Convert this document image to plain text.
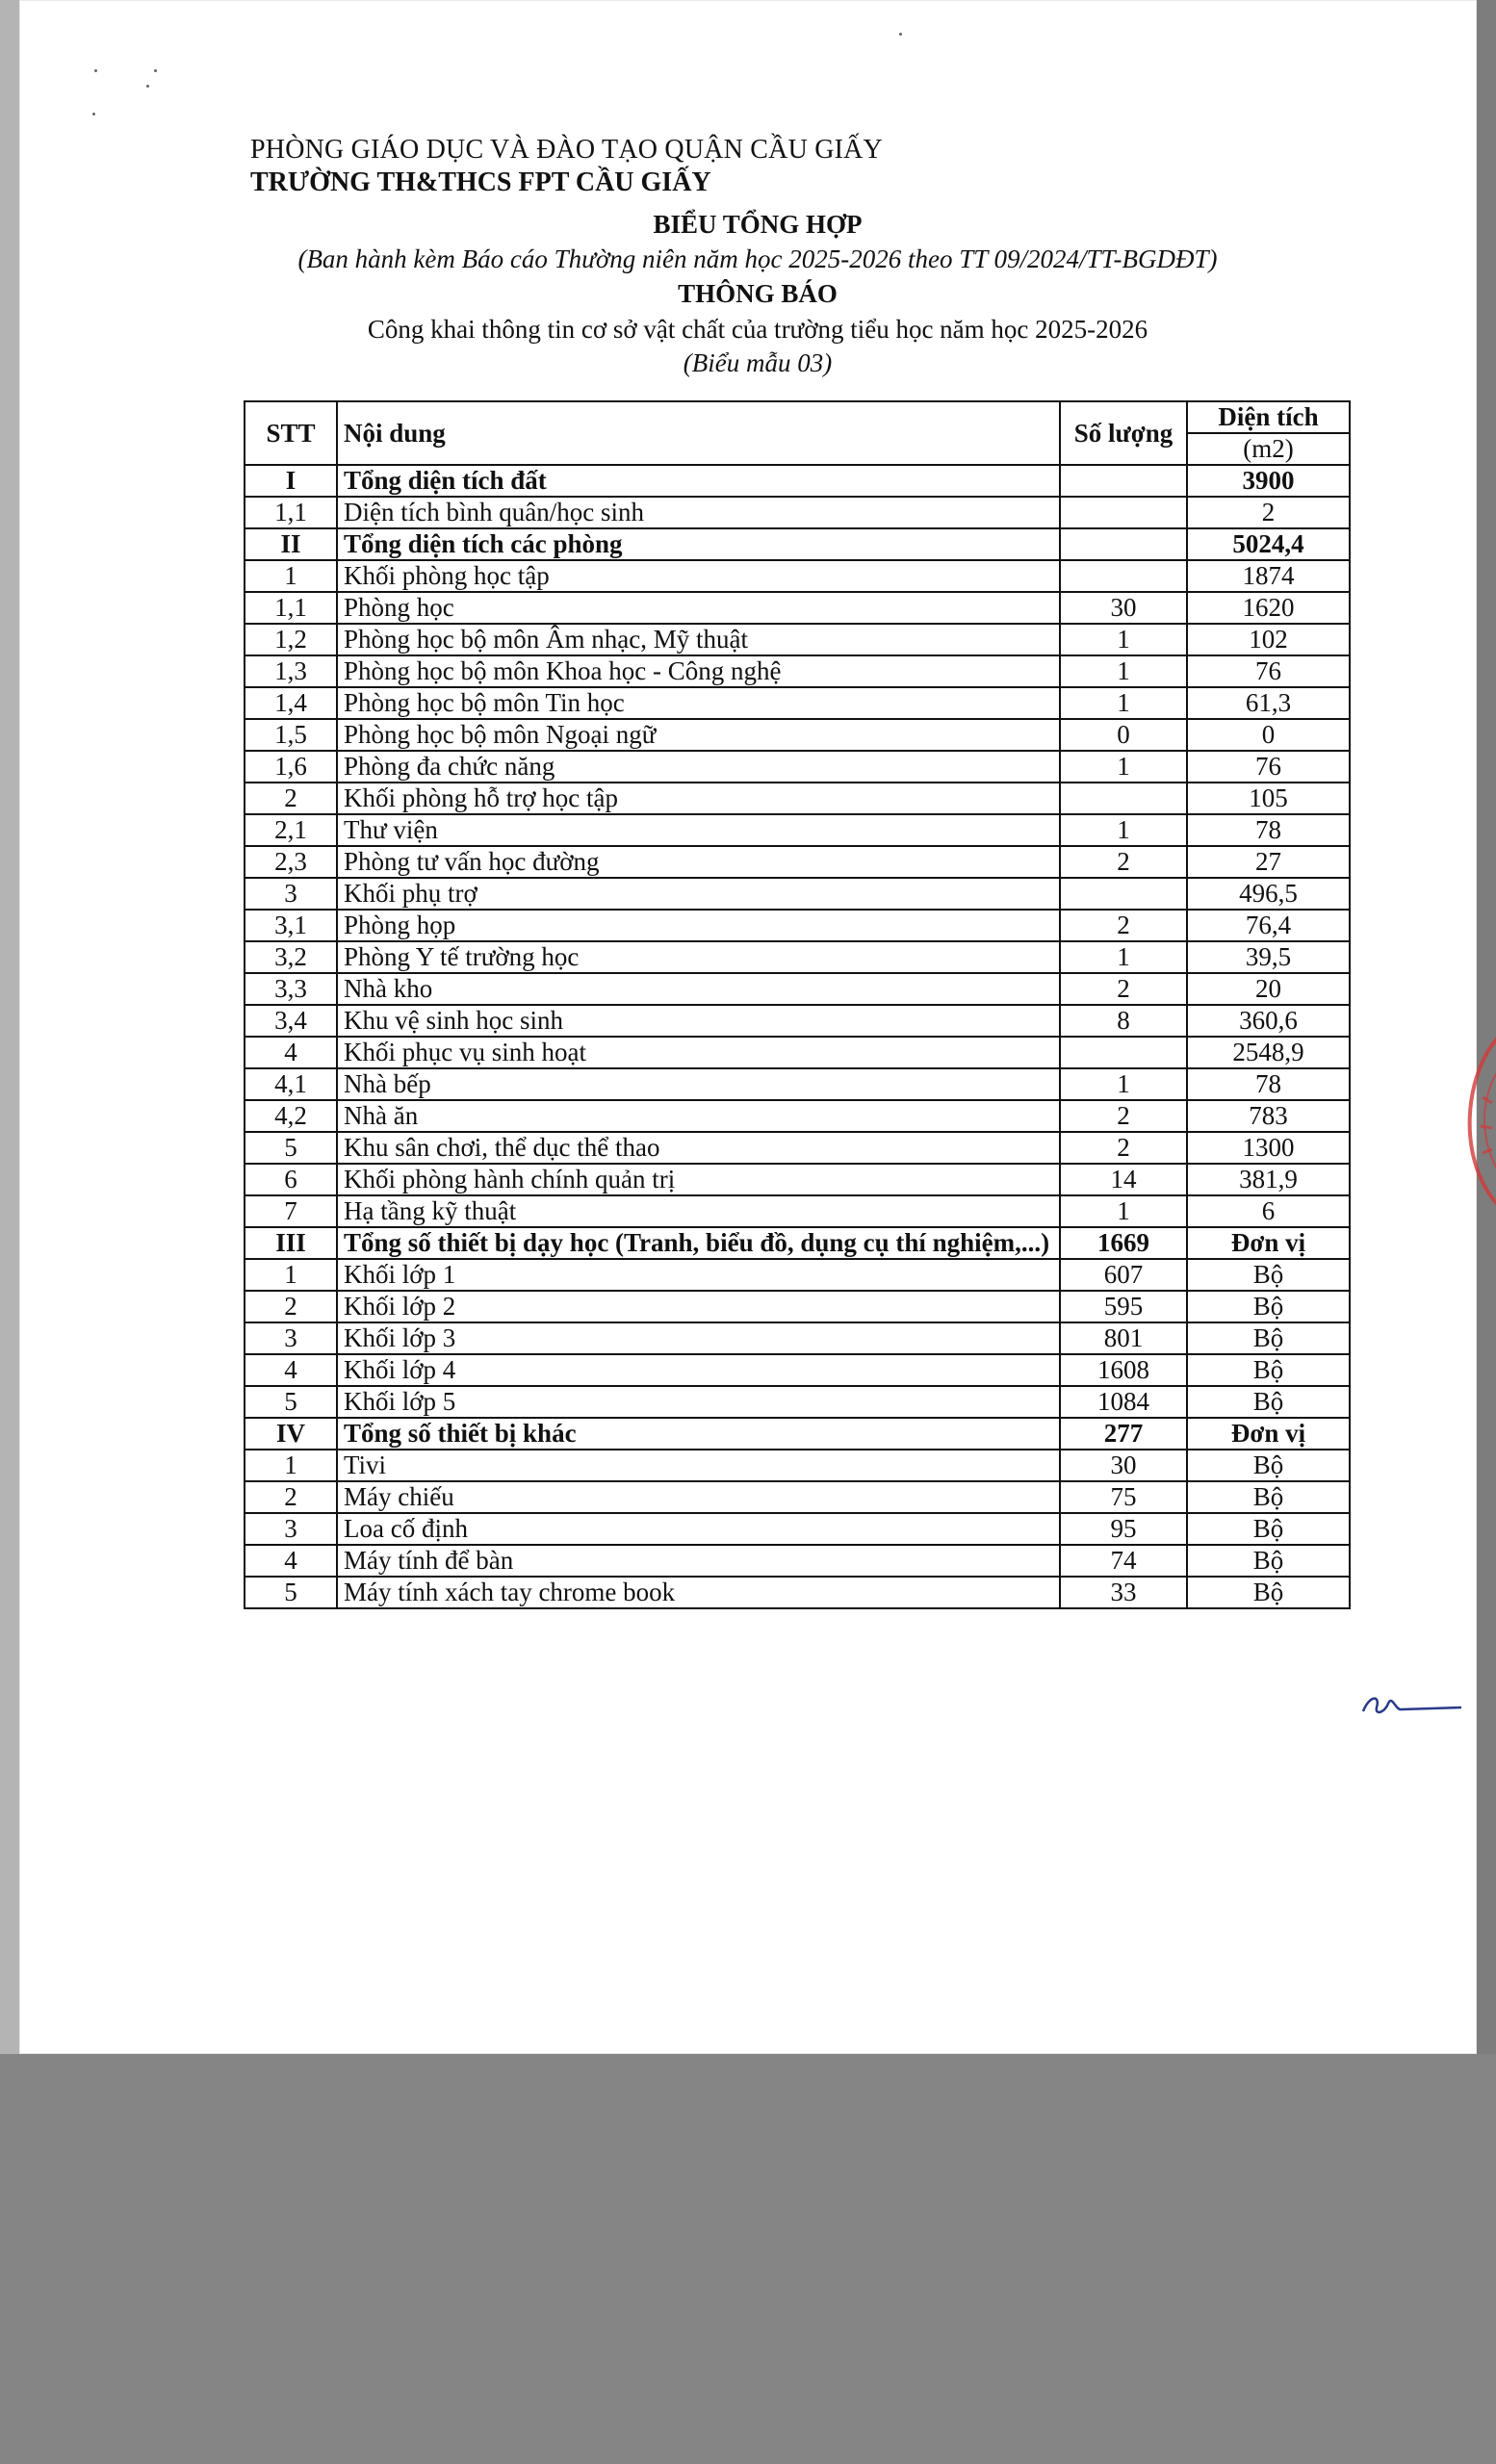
PHÒNG GIÁO DỤC VÀ ĐÀO TẠO QUẬN CẦU GIẤY
TRƯỜNG TH&THCS FPT CẦU GIẤY
BIỂU TỔNG HỢP
(Ban hành kèm Báo cáo Thường niên năm học 2025-2026 theo TT 09/2024/TT-BGDĐT)
THÔNG BÁO
Công khai thông tin cơ sở vật chất của trường tiểu học năm học 2025-2026
(Biểu mẫu 03)
STT	Nội dung	Số lượng	Diện tích
			(m2)
I	Tổng diện tích đất		3900
1,1	Diện tích bình quân/học sinh		2
II	Tổng diện tích các phòng		5024,4
1	Khối phòng học tập		1874
1,1	Phòng học	30	1620
1,2	Phòng học bộ môn Âm nhạc, Mỹ thuật	1	102
1,3	Phòng học bộ môn Khoa học - Công nghệ	1	76
1,4	Phòng học bộ môn Tin học	1	61,3
1,5	Phòng học bộ môn Ngoại ngữ	0	0
1,6	Phòng đa chức năng	1	76
2	Khối phòng hỗ trợ học tập		105
2,1	Thư viện	1	78
2,3	Phòng tư vấn học đường	2	27
3	Khối phụ trợ		496,5
3,1	Phòng họp	2	76,4
3,2	Phòng Y tế trường học	1	39,5
3,3	Nhà kho	2	20
3,4	Khu vệ sinh học sinh	8	360,6
4	Khối phục vụ sinh hoạt		2548,9
4,1	Nhà bếp	1	78
4,2	Nhà ăn	2	783
5	Khu sân chơi, thể dục thể thao	2	1300
6	Khối phòng hành chính quản trị	14	381,9
7	Hạ tầng kỹ thuật	1	6
III	Tổng số thiết bị dạy học (Tranh, biểu đồ, dụng cụ thí nghiệm,...)	1669	Đơn vị
1	Khối lớp 1	607	Bộ
2	Khối lớp 2	595	Bộ
3	Khối lớp 3	801	Bộ
4	Khối lớp 4	1608	Bộ
5	Khối lớp 5	1084	Bộ
IV	Tổng số thiết bị khác	277	Đơn vị
1	Tivi	30	Bộ
2	Máy chiếu	75	Bộ
3	Loa cố định	95	Bộ
4	Máy tính để bàn	74	Bộ
5	Máy tính xách tay chrome book	33	Bộ
